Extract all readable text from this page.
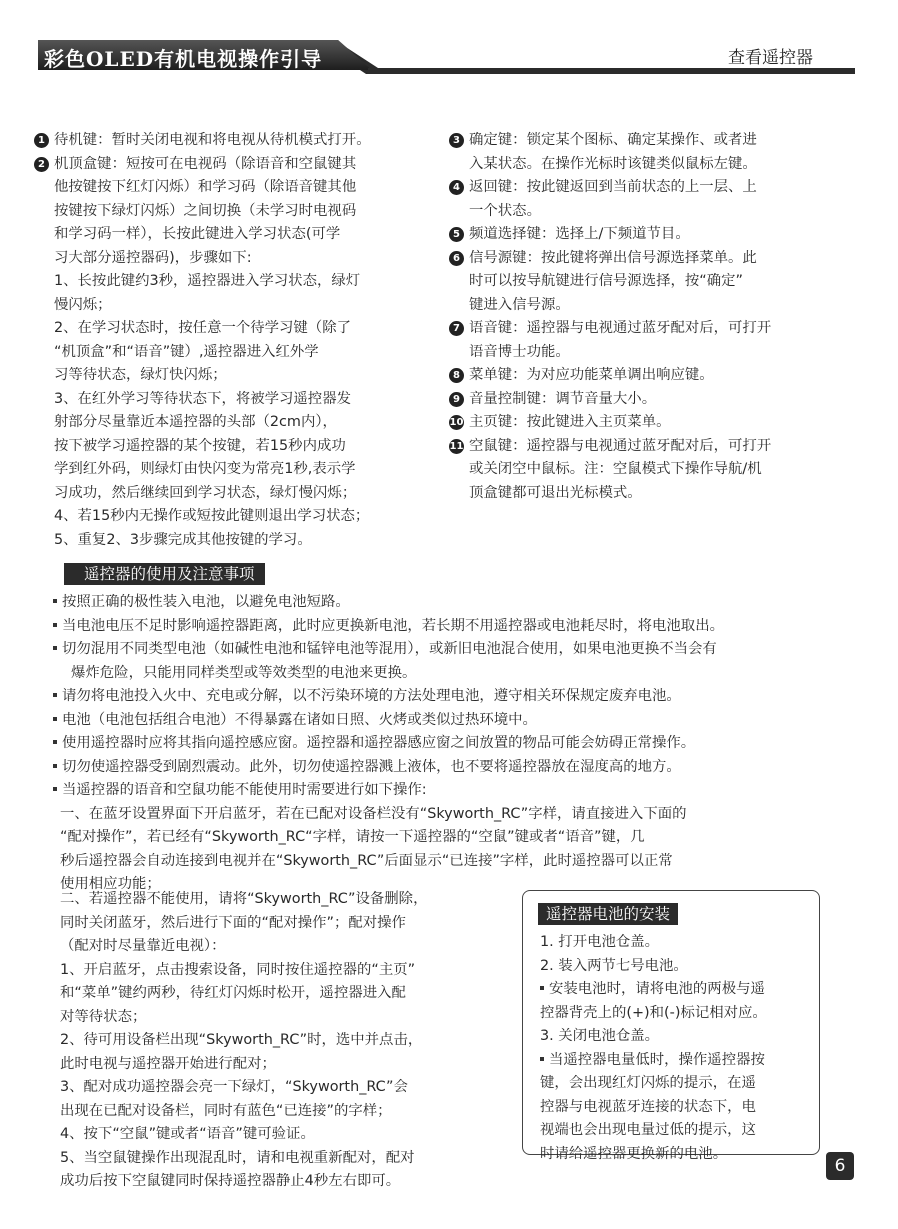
彩色OLED有机电视操作引导	查看遥控器
1 待机键：暂时关闭电视和将电视从待机模式打开。
2 机顶盒键：短按可在电视码（除语音和空鼠键其
他按键按下红灯闪烁）和学习码（除语音键其他
按键按下绿灯闪烁）之间切换（未学习时电视码
和学习码一样），长按此键进入学习状态(可学
习大部分遥控器码)，步骤如下:
1、长按此键约3秒，遥控器进入学习状态，绿灯
慢闪烁；
2、在学习状态时，按任意一个待学习键（除了
“机顶盒”和“语音”键）,遥控器进入红外学
习等待状态，绿灯快闪烁；
3、在红外学习等待状态下，将被学习遥控器发
射部分尽量靠近本遥控器的头部（2cm内），
按下被学习遥控器的某个按键，若15秒内成功
学到红外码，则绿灯由快闪变为常亮1秒,表示学
习成功，然后继续回到学习状态，绿灯慢闪烁；
4、若15秒内无操作或短按此键则退出学习状态；
5、重复2、3步骤完成其他按键的学习。
3 确定键：锁定某个图标、确定某操作、或者进
入某状态。在操作光标时该键类似鼠标左键。
4 返回键：按此键返回到当前状态的上一层、上
一个状态。
5 频道选择键：选择上/下频道节目。
6 信号源键：按此键将弹出信号源选择菜单。此
时可以按导航键进行信号源选择，按“确定”
键进入信号源。
7 语音键：遥控器与电视通过蓝牙配对后，可打开
语音博士功能。
8 菜单键：为对应功能菜单调出响应键。
9 音量控制键：调节音量大小。
10 主页键：按此键进入主页菜单。
11 空鼠键：遥控器与电视通过蓝牙配对后，可打开
或关闭空中鼠标。注：空鼠模式下操作导航/机
顶盒键都可退出光标模式。
遥控器的使用及注意事项
按照正确的极性装入电池，以避免电池短路。
当电池电压不足时影响遥控器距离，此时应更换新电池，若长期不用遥控器或电池耗尽时，将电池取出。
切勿混用不同类型电池（如碱性电池和锰锌电池等混用），或新旧电池混合使用，如果电池更换不当会有
爆炸危险，只能用同样类型或等效类型的电池来更换。
请勿将电池投入火中、充电或分解，以不污染环境的方法处理电池，遵守相关环保规定废弃电池。
电池（电池包括组合电池）不得暴露在诸如日照、火烤或类似过热环境中。
使用遥控器时应将其指向遥控感应窗。遥控器和遥控器感应窗之间放置的物品可能会妨碍正常操作。
切勿使遥控器受到剧烈震动。此外，切勿使遥控器溅上液体，也不要将遥控器放在湿度高的地方。
当遥控器的语音和空鼠功能不能使用时需要进行如下操作:
一、在蓝牙设置界面下开启蓝牙，若在已配对设备栏没有“Skyworth_RC”字样，请直接进入下面的
“配对操作”，若已经有“Skyworth_RC“字样，请按一下遥控器的“空鼠”键或者“语音”键，几
秒后遥控器会自动连接到电视并在“Skyworth_RC”后面显示“已连接”字样，此时遥控器可以正常
使用相应功能；
二、若遥控器不能使用，请将“Skyworth_RC”设备删除，
同时关闭蓝牙，然后进行下面的“配对操作”；配对操作
（配对时尽量靠近电视）：
1、开启蓝牙，点击搜索设备，同时按住遥控器的“主页”
和“菜单”键约两秒，待红灯闪烁时松开，遥控器进入配
对等待状态；
2、待可用设备栏出现“Skyworth_RC”时，选中并点击，
此时电视与遥控器开始进行配对；
3、配对成功遥控器会亮一下绿灯，“Skyworth_RC”会
出现在已配对设备栏，同时有蓝色“已连接”的字样；
4、按下“空鼠”键或者“语音”键可验证。
5、当空鼠键操作出现混乱时，请和电视重新配对，配对
成功后按下空鼠键同时保持遥控器静止4秒左右即可。
遥控器电池的安装
1. 打开电池仓盖。
2. 装入两节七号电池。
安装电池时，请将电池的两极与遥
控器背壳上的(+)和(-)标记相对应。
3. 关闭电池仓盖。
当遥控器电量低时，操作遥控器按
键，会出现红灯闪烁的提示，在遥
控器与电视蓝牙连接的状态下，电
视端也会出现电量过低的提示，这
时请给遥控器更换新的电池。
6
